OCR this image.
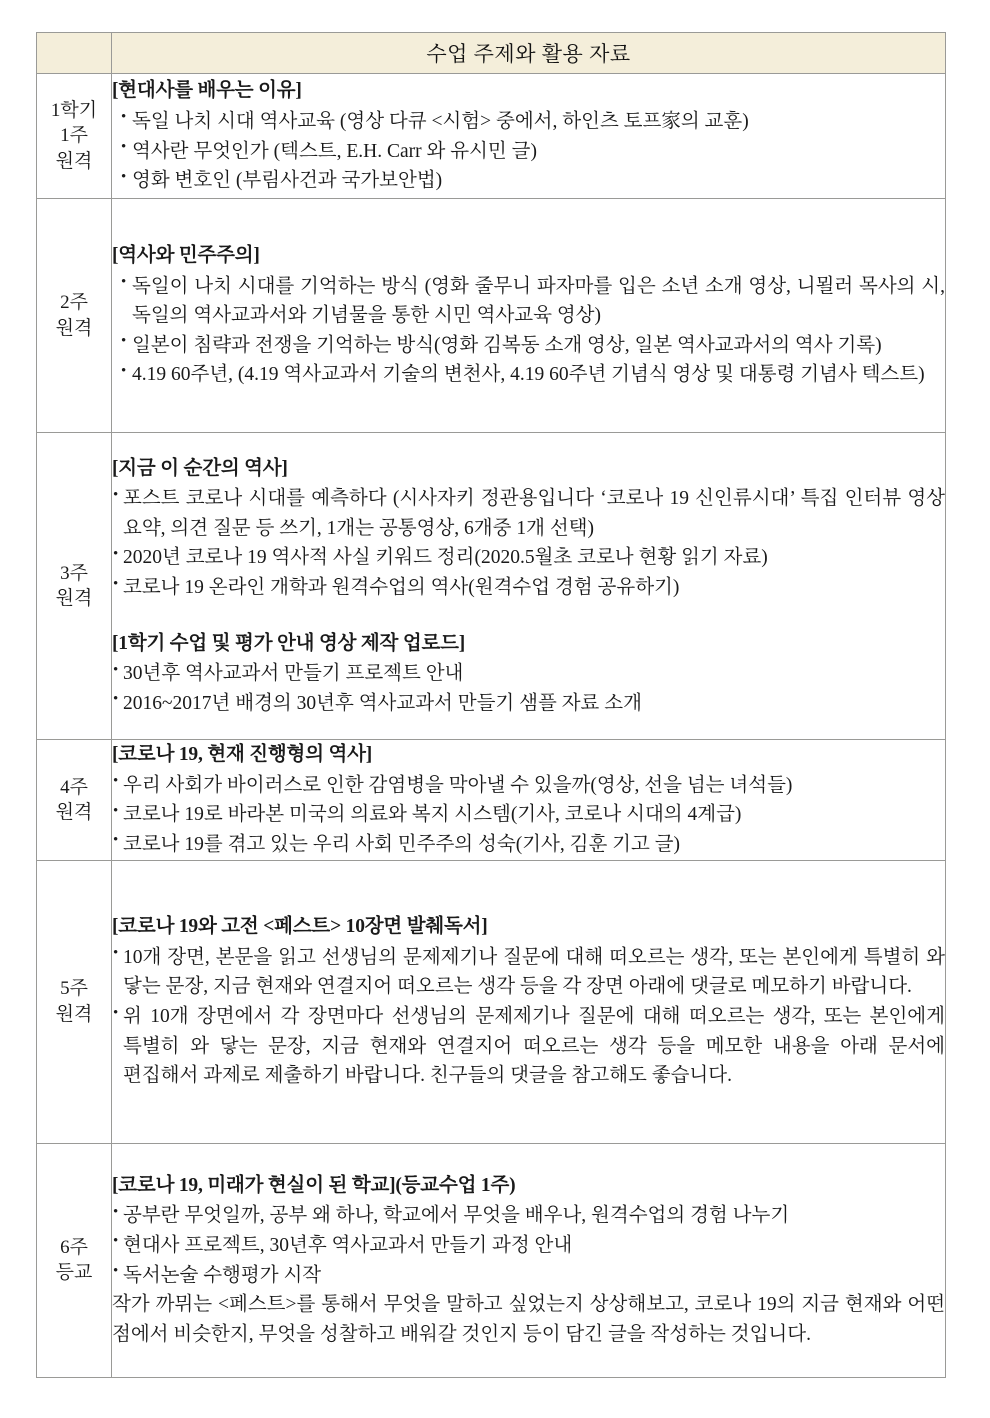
	수업 주제와 활용 자료

1학기
1주
원격

[현대사를 배우는 이유]
• 독일 나치 시대 역사교육 (영상 다큐 <시험> 중에서, 하인츠 토프家의 교훈)
• 역사란 무엇인가 (텍스트, E.H. Carr 와 유시민 글)
• 영화 변호인 (부림사건과 국가보안법)

2주
원격

[역사와 민주주의]
• 독일이 나치 시대를 기억하는 방식 (영화 줄무니 파자마를 입은 소년 소개 영상, 니묄러 목사의 시, 독일의 역사교과서와 기념물을 통한 시민 역사교육 영상)
• 일본이 침략과 전쟁을 기억하는 방식(영화 김복동 소개 영상, 일본 역사교과서의 역사 기록)
• 4.19 60주년, (4.19 역사교과서 기술의 변천사, 4.19 60주년 기념식 영상 및 대통령 기념사 텍스트)

3주
원격

[지금 이 순간의 역사]
• 포스트 코로나 시대를 예측하다 (시사자키 정관용입니다 ‘코로나 19 신인류시대’ 특집 인터뷰 영상 요약, 의견 질문 등 쓰기, 1개는 공통영상, 6개중 1개 선택)
• 2020년 코로나 19 역사적 사실 키워드 정리(2020.5월초 코로나 현황 읽기 자료)
• 코로나 19 온라인 개학과 원격수업의 역사(원격수업 경험 공유하기)
[1학기 수업 및 평가 안내 영상 제작 업로드]
• 30년후 역사교과서 만들기 프로젝트 안내
• 2016~2017년 배경의 30년후 역사교과서 만들기 샘플 자료 소개

4주
원격

[코로나 19, 현재 진행형의 역사]
• 우리 사회가 바이러스로 인한 감염병을 막아낼 수 있을까(영상, 선을 넘는 녀석들)
• 코로나 19로 바라본 미국의 의료와 복지 시스템(기사, 코로나 시대의 4계급)
• 코로나 19를 겪고 있는 우리 사회 민주주의 성숙(기사, 김훈 기고 글)

5주
원격

[코로나 19와 고전 <페스트> 10장면 발췌독서]
• 10개 장면, 본문을 읽고 선생님의 문제제기나 질문에 대해 떠오르는 생각, 또는 본인에게 특별히 와 닿는 문장, 지금 현재와 연결지어 떠오르는 생각 등을 각 장면 아래에 댓글로 메모하기 바랍니다.
• 위 10개 장면에서 각 장면마다 선생님의 문제제기나 질문에 대해 떠오르는 생각, 또는 본인에게 특별히 와 닿는 문장, 지금 현재와 연결지어 떠오르는 생각 등을 메모한 내용을 아래 문서에 편집해서 과제로 제출하기 바랍니다. 친구들의 댓글을 참고해도 좋습니다.

6주
등교

[코로나 19, 미래가 현실이 된 학교](등교수업 1주)
• 공부란 무엇일까, 공부 왜 하나, 학교에서 무엇을 배우나, 원격수업의 경험 나누기
• 현대사 프로젝트, 30년후 역사교과서 만들기 과정 안내
• 독서논술 수행평가 시작

작가 까뮈는 <페스트>를 통해서 무엇을 말하고 싶었는지 상상해보고, 코로나 19의 지금 현재와 어떤 점에서 비슷한지, 무엇을 성찰하고 배워갈 것인지 등이 담긴 글을 작성하는 것입니다.
